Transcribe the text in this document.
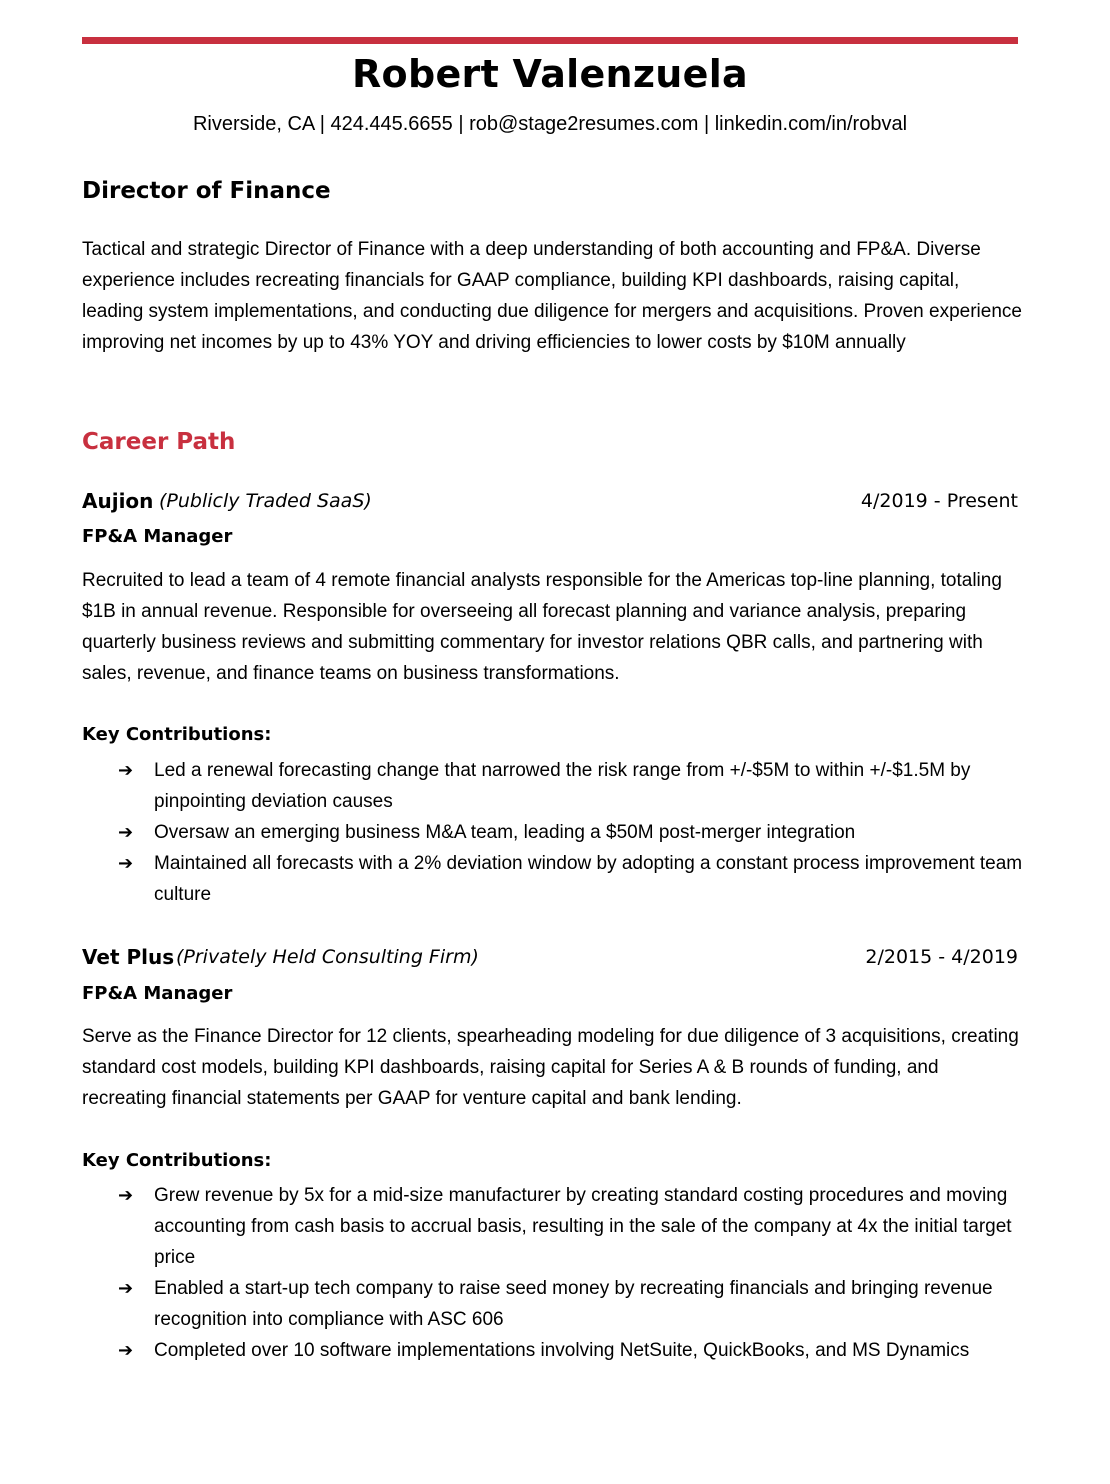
Robert Valenzuela
Riverside, CA | 424.445.6655 | rob@stage2resumes.com | linkedin.com/in/robval
Director of Finance
Tactical and strategic Director of Finance with a deep understanding of both accounting and FP&A. Diverse experience includes recreating financials for GAAP compliance, building KPI dashboards, raising capital, leading system implementations, and conducting due diligence for mergers and acquisitions. Proven experience improving net incomes by up to 43% YOY and driving efficiencies to lower costs by $10M annually
Career Path
Aujion (Publicly Traded SaaS)	4/2019 - Present
FP&A Manager
Recruited to lead a team of 4 remote financial analysts responsible for the Americas top-line planning, totaling $1B in annual revenue. Responsible for overseeing all forecast planning and variance analysis, preparing quarterly business reviews and submitting commentary for investor relations QBR calls, and partnering with sales, revenue, and finance teams on business transformations.
Key Contributions:
➔ Led a renewal forecasting change that narrowed the risk range from +/-$5M to within +/-$1.5M by pinpointing deviation causes
➔ Oversaw an emerging business M&A team, leading a $50M post-merger integration
➔ Maintained all forecasts with a 2% deviation window by adopting a constant process improvement team culture
Vet Plus (Privately Held Consulting Firm)	2/2015 - 4/2019
FP&A Manager
Serve as the Finance Director for 12 clients, spearheading modeling for due diligence of 3 acquisitions, creating standard cost models, building KPI dashboards, raising capital for Series A & B rounds of funding, and recreating financial statements per GAAP for venture capital and bank lending.
Key Contributions:
➔ Grew revenue by 5x for a mid-size manufacturer by creating standard costing procedures and moving accounting from cash basis to accrual basis, resulting in the sale of the company at 4x the initial target price
➔ Enabled a start-up tech company to raise seed money by recreating financials and bringing revenue recognition into compliance with ASC 606
➔ Completed over 10 software implementations involving NetSuite, QuickBooks, and MS Dynamics
